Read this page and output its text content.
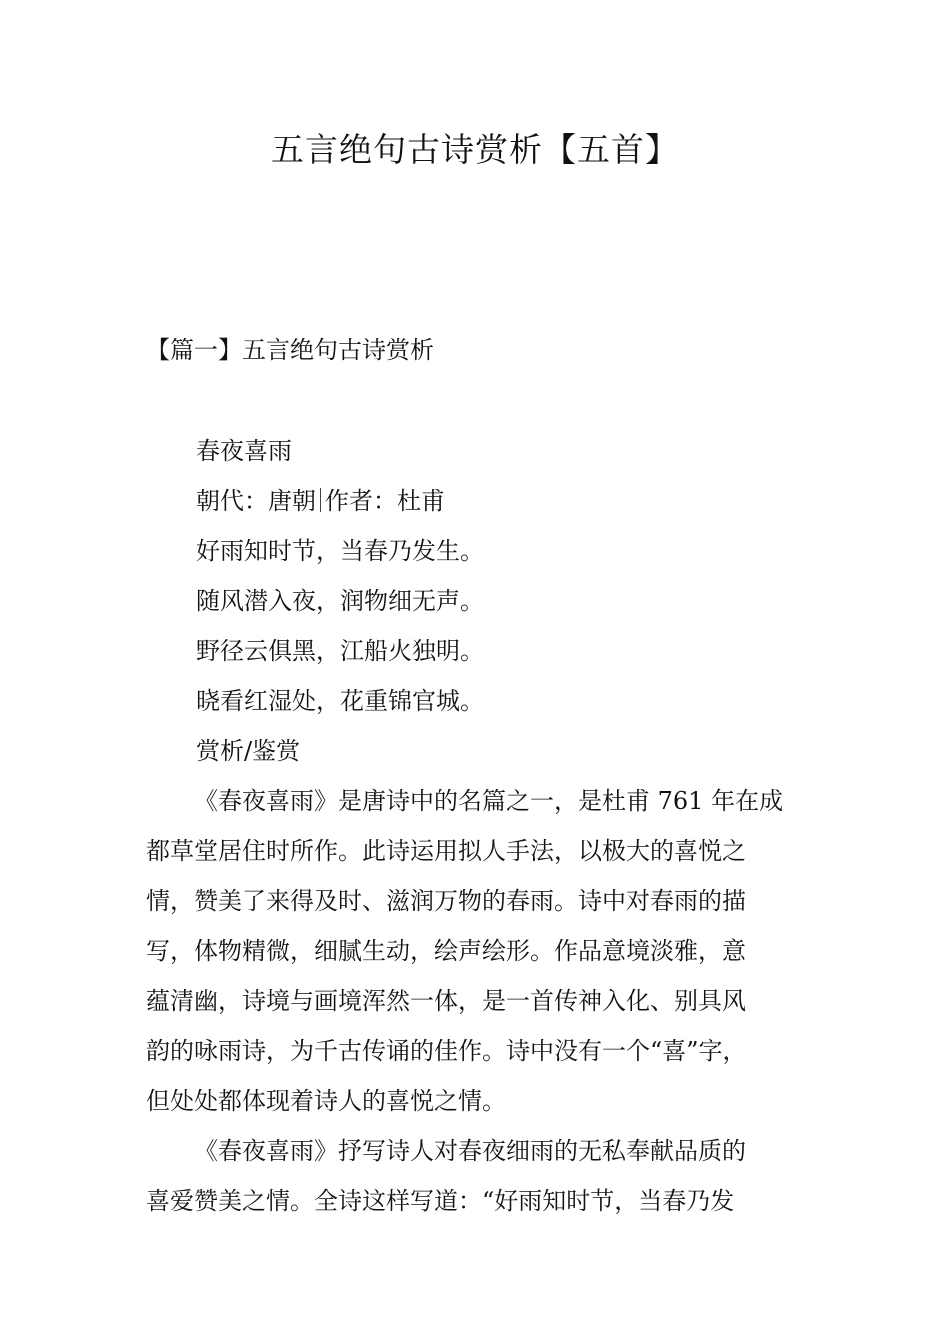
五言绝句古诗赏析【五首】
【篇一】五言绝句古诗赏析
春夜喜雨
朝代：唐朝 作者：杜甫
好雨知时节，当春乃发生。
随风潜入夜，润物细无声。
野径云俱黑，江船火独明。
晓看红湿处，花重锦官城。
赏析/鉴赏

《春夜喜雨》是唐诗中的名篇之一，是杜甫 761 年在成
都草堂居住时所作。此诗运用拟人手法，以极大的喜悦之
情，赞美了来得及时、滋润万物的春雨。诗中对春雨的描
写，体物精微，细腻生动，绘声绘形。作品意境淡雅，意
蕴清幽，诗境与画境浑然一体，是一首传神入化、别具风
韵的咏雨诗，为千古传诵的佳作。诗中没有一个“喜”字，
但处处都体现着诗人的喜悦之情。

《春夜喜雨》抒写诗人对春夜细雨的无私奉献品质的
喜爱赞美之情。全诗这样写道：“好雨知时节，当春乃发
